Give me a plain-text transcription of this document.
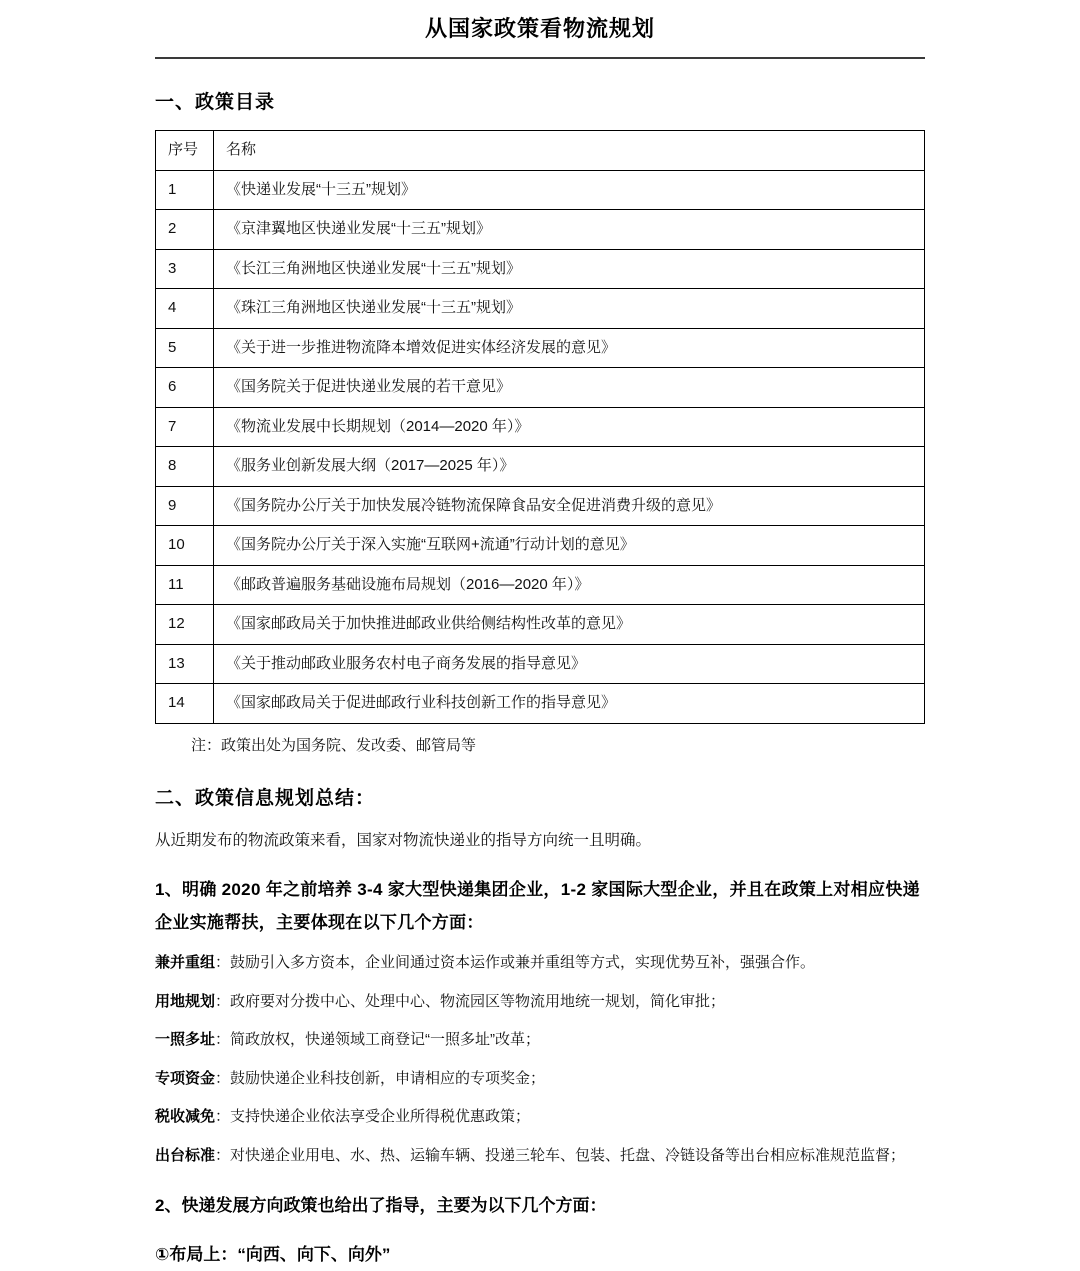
从国家政策看物流规划
一、政策目录
序号	名称
1	《快递业发展“十三五”规划》
2	《京津翼地区快递业发展“十三五”规划》
3	《长江三角洲地区快递业发展“十三五”规划》
4	《珠江三角洲地区快递业发展“十三五”规划》
5	《关于进一步推进物流降本增效促进实体经济发展的意见》
6	《国务院关于促进快递业发展的若干意见》
7	《物流业发展中长期规划（2014—2020 年）》
8	《服务业创新发展大纲（2017—2025 年）》
9	《国务院办公厅关于加快发展冷链物流保障食品安全促进消费升级的意见》
10	《国务院办公厅关于深入实施“互联网+流通”行动计划的意见》
11	《邮政普遍服务基础设施布局规划（2016—2020 年）》
12	《国家邮政局关于加快推进邮政业供给侧结构性改革的意见》
13	《关于推动邮政业服务农村电子商务发展的指导意见》
14	《国家邮政局关于促进邮政行业科技创新工作的指导意见》
注：政策出处为国务院、发改委、邮管局等
二、政策信息规划总结：
从近期发布的物流政策来看，国家对物流快递业的指导方向统一且明确。
1、明确 2020 年之前培养 3-4 家大型快递集团企业，1-2 家国际大型企业，并且在政策上对相应快递企业实施帮扶，主要体现在以下几个方面：
兼并重组：鼓励引入多方资本，企业间通过资本运作或兼并重组等方式，实现优势互补，强强合作。
用地规划：政府要对分拨中心、处理中心、物流园区等物流用地统一规划，简化审批；
一照多址：简政放权，快递领域工商登记“一照多址”改革；
专项资金：鼓励快递企业科技创新，申请相应的专项奖金；
税收减免：支持快递企业依法享受企业所得税优惠政策；
出台标准：对快递企业用电、水、热、运输车辆、投递三轮车、包装、托盘、冷链设备等出台相应标准规范监督；
2、快递发展方向政策也给出了指导，主要为以下几个方面：
①布局上：“向西、向下、向外”
